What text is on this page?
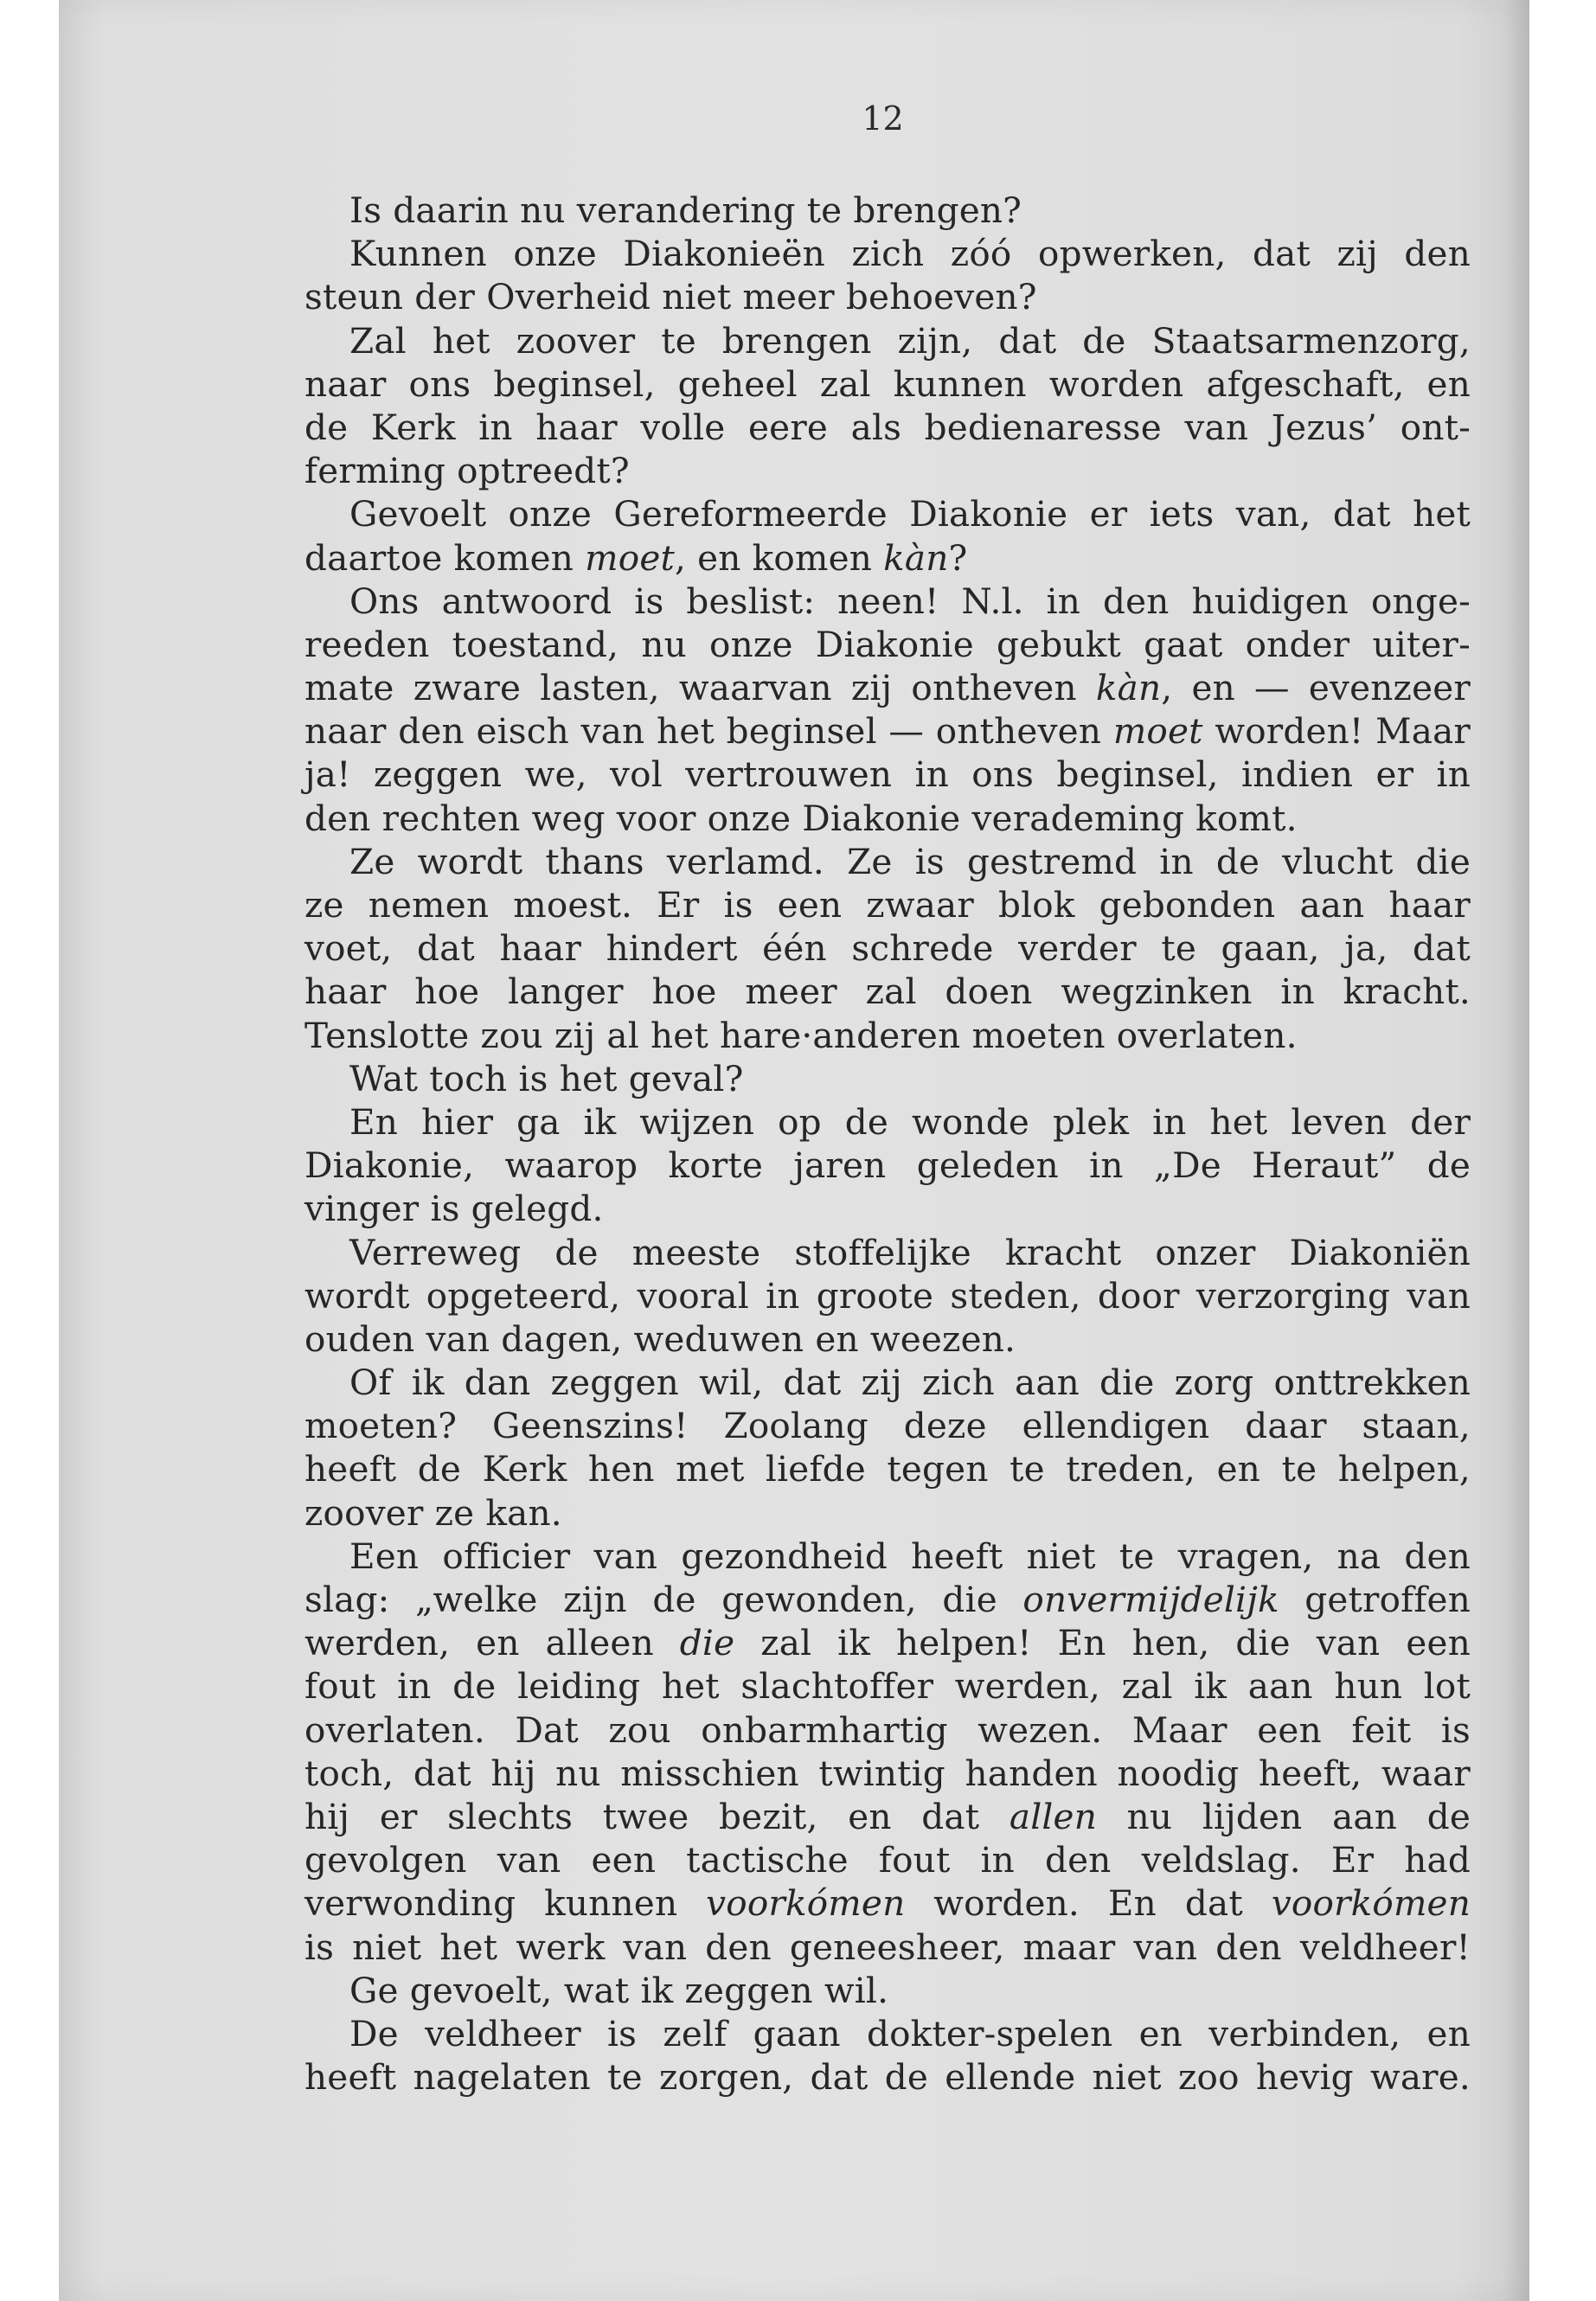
12
Is daarin nu verandering te brengen?
Kunnen onze Diakonieën zich zóó opwerken, dat zij den
steun der Overheid niet meer behoeven?
Zal het zoover te brengen zijn, dat de Staatsarmenzorg,
naar ons beginsel, geheel zal kunnen worden afgeschaft, en
de Kerk in haar volle eere als bedienaresse van Jezus’ ont-
ferming optreedt?
Gevoelt onze Gereformeerde Diakonie er iets van, dat het
daartoe komen moet, en komen kàn?
Ons antwoord is beslist: neen! N.l. in den huidigen onge-
reeden toestand, nu onze Diakonie gebukt gaat onder uiter-
mate zware lasten, waarvan zij ontheven kàn, en — evenzeer
naar den eisch van het beginsel — ontheven moet worden! Maar
ja! zeggen we, vol vertrouwen in ons beginsel, indien er in
den rechten weg voor onze Diakonie verademing komt.
Ze wordt thans verlamd. Ze is gestremd in de vlucht die
ze nemen moest. Er is een zwaar blok gebonden aan haar
voet, dat haar hindert één schrede verder te gaan, ja, dat
haar hoe langer hoe meer zal doen wegzinken in kracht.
Tenslotte zou zij al het hare·anderen moeten overlaten.
Wat toch is het geval?
En hier ga ik wijzen op de wonde plek in het leven der
Diakonie, waarop korte jaren geleden in „De Heraut” de
vinger is gelegd.
Verreweg de meeste stoffelijke kracht onzer Diakoniën
wordt opgeteerd, vooral in groote steden, door verzorging van
ouden van dagen, weduwen en weezen.
Of ik dan zeggen wil, dat zij zich aan die zorg onttrekken
moeten? Geenszins! Zoolang deze ellendigen daar staan,
heeft de Kerk hen met liefde tegen te treden, en te helpen,
zoover ze kan.
Een officier van gezondheid heeft niet te vragen, na den
slag: „welke zijn de gewonden, die onvermijdelijk getroffen
werden, en alleen die zal ik helpen! En hen, die van een
fout in de leiding het slachtoffer werden, zal ik aan hun lot
overlaten. Dat zou onbarmhartig wezen. Maar een feit is
toch, dat hij nu misschien twintig handen noodig heeft, waar
hij er slechts twee bezit, en dat allen nu lijden aan de
gevolgen van een tactische fout in den veldslag. Er had
verwonding kunnen voorkómen worden. En dat voorkómen
is niet het werk van den geneesheer, maar van den veldheer!
Ge gevoelt, wat ik zeggen wil.
De veldheer is zelf gaan dokter-spelen en verbinden, en
heeft nagelaten te zorgen, dat de ellende niet zoo hevig ware.
